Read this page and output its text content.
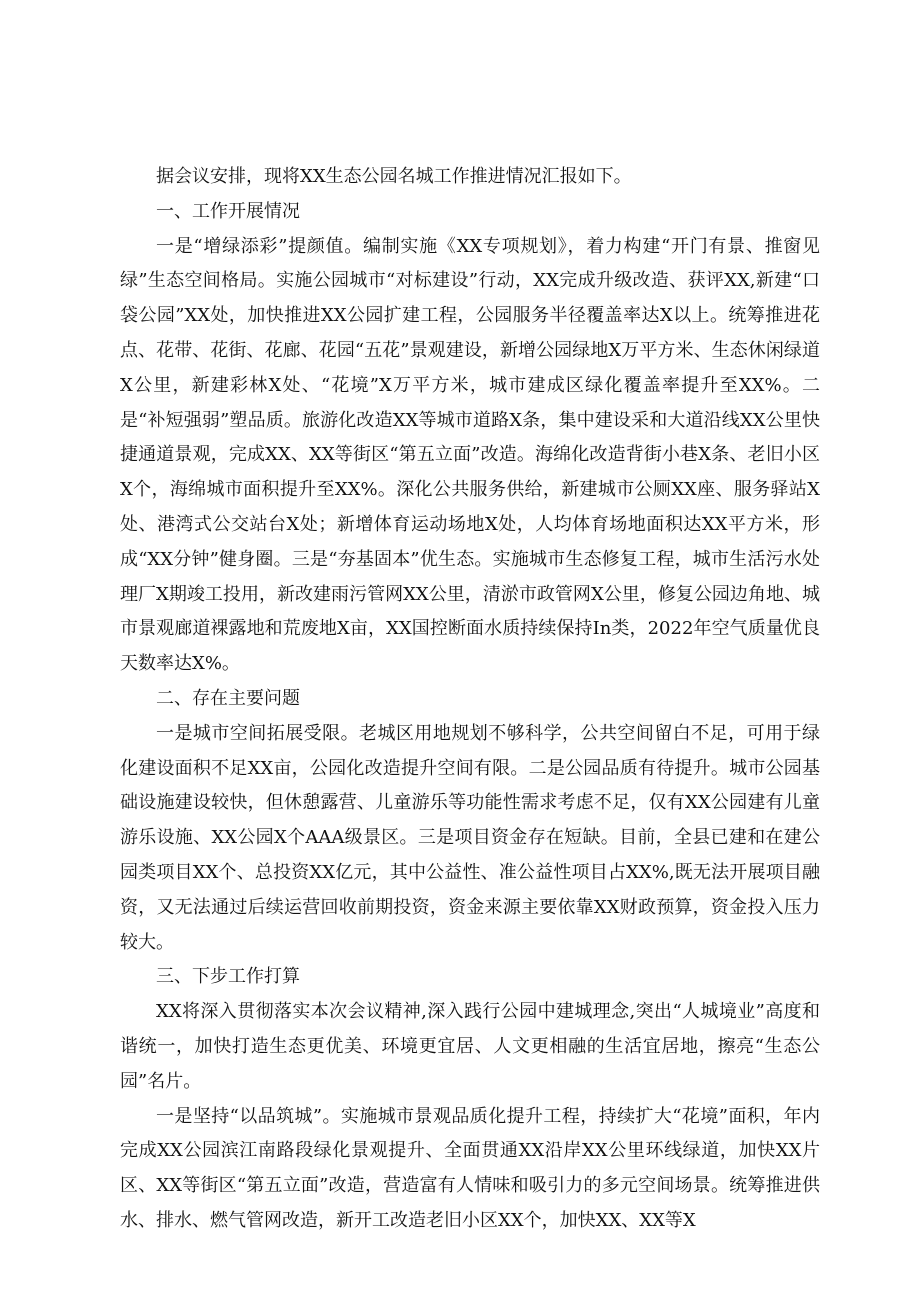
据会议安排，现将XX生态公园名城工作推进情况汇报如下。

一、工作开展情况

一是“增绿添彩”提颜值。编制实施《XX专项规划》，着力构建“开门有景、推窗见绿”生态空间格局。实施公园城市“对标建设”行动，XX完成升级改造、获评XX,新建“口袋公园”XX处，加快推进XX公园扩建工程，公园服务半径覆盖率达X以上。统筹推进花点、花带、花街、花廊、花园“五花”景观建设，新增公园绿地X万平方米、生态休闲绿道X公里，新建彩林X处、“花境”X万平方米，城市建成区绿化覆盖率提升至XX%。二是“补短强弱”塑品质。旅游化改造XX等城市道路X条，集中建设采和大道沿线XX公里快捷通道景观，完成XX、XX等街区“第五立面”改造。海绵化改造背街小巷X条、老旧小区X个，海绵城市面积提升至XX%。深化公共服务供给，新建城市公厕XX座、服务驿站X处、港湾式公交站台X处；新增体育运动场地X处，人均体育场地面积达XX平方米，形成“XX分钟”健身圈。三是“夯基固本”优生态。实施城市生态修复工程，城市生活污水处理厂X期竣工投用，新改建雨污管网XX公里，清淤市政管网X公里，修复公园边角地、城市景观廊道裸露地和荒废地X亩，XX国控断面水质持续保持In类，2022年空气质量优良天数率达X%。

二、存在主要问题

一是城市空间拓展受限。老城区用地规划不够科学，公共空间留白不足，可用于绿化建设面积不足XX亩，公园化改造提升空间有限。二是公园品质有待提升。城市公园基础设施建设较快，但休憩露营、儿童游乐等功能性需求考虑不足，仅有XX公园建有儿童游乐设施、XX公园X个AAA级景区。三是项目资金存在短缺。目前，全县已建和在建公园类项目XX个、总投资XX亿元，其中公益性、准公益性项目占XX%,既无法开展项目融资，又无法通过后续运营回收前期投资，资金来源主要依靠XX财政预算，资金投入压力较大。

三、下步工作打算

XX将深入贯彻落实本次会议精神,深入践行公园中建城理念,突出“人城境业”高度和谐统一，加快打造生态更优美、环境更宜居、人文更相融的生活宜居地，擦亮“生态公园”名片。

一是坚持“以品筑城”。实施城市景观品质化提升工程，持续扩大“花境”面积，年内完成XX公园滨江南路段绿化景观提升、全面贯通XX沿岸XX公里环线绿道，加快XX片区、XX等街区“第五立面”改造，营造富有人情味和吸引力的多元空间场景。统筹推进供水、排水、燃气管网改造，新开工改造老旧小区XX个，加快XX、XX等X
